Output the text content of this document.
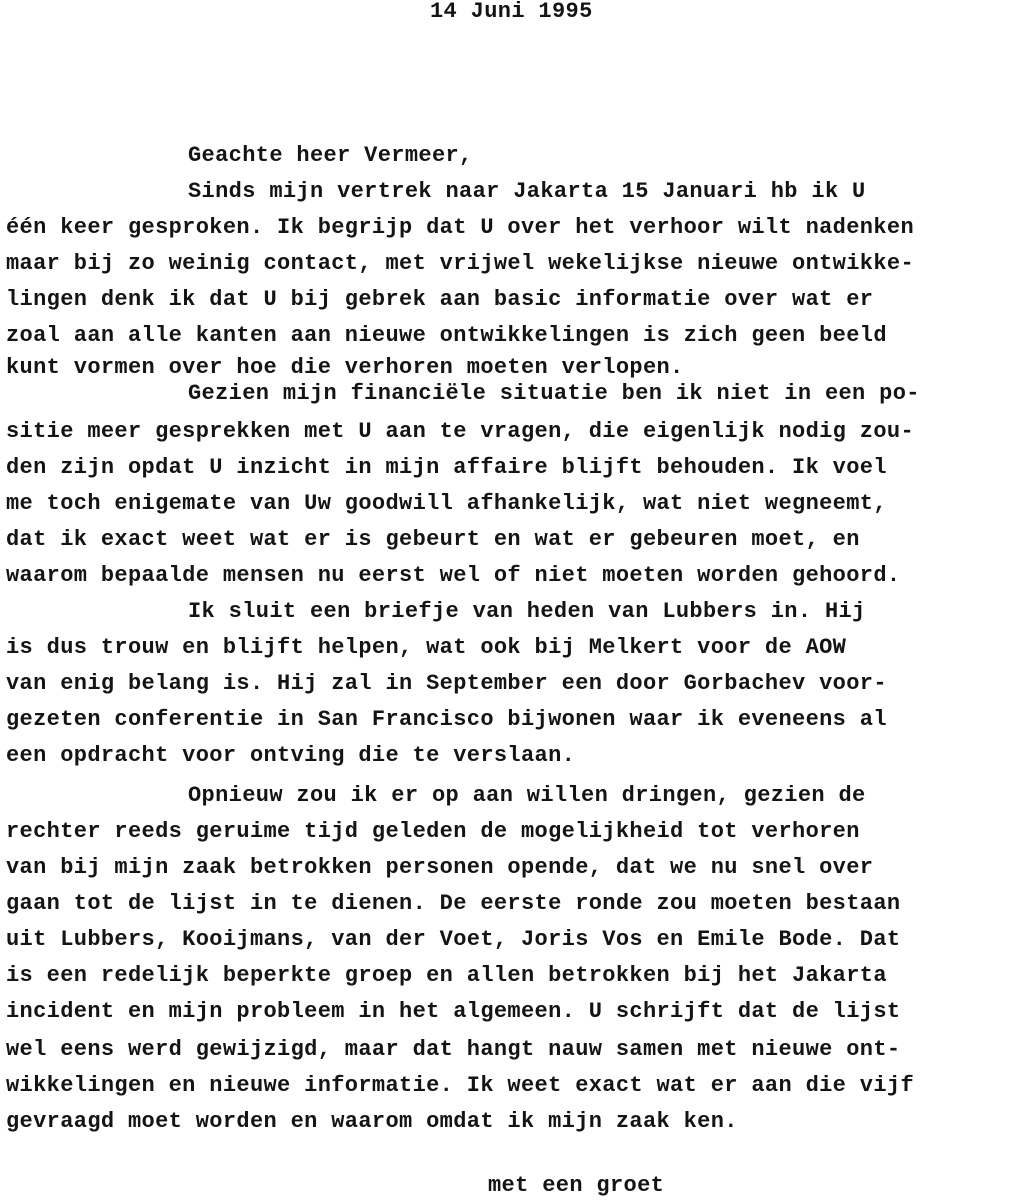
14 Juni 1995
Geachte heer Vermeer,
Sinds mijn vertrek naar Jakarta 15 Januari hb ik U
één keer gesproken. Ik begrijp dat U over het verhoor wilt nadenken
maar bij zo weinig contact, met vrijwel wekelijkse nieuwe ontwikke-
lingen denk ik dat U bij gebrek aan basic informatie over wat er
zoal aan alle kanten aan nieuwe ontwikkelingen is zich geen beeld
kunt vormen over hoe die verhoren moeten verlopen.
Gezien mijn financiële situatie ben ik niet in een po-
sitie meer gesprekken met U aan te vragen, die eigenlijk nodig zou-
den zijn opdat U inzicht in mijn affaire blijft behouden. Ik voel
me toch enigemate van Uw goodwill afhankelijk, wat niet wegneemt,
dat ik exact weet wat er is gebeurt en wat er gebeuren moet, en
waarom bepaalde mensen nu eerst wel of niet moeten worden gehoord.
Ik sluit een briefje van heden van Lubbers in. Hij
is dus trouw en blijft helpen, wat ook bij Melkert voor de AOW
van enig belang is. Hij zal in September een door Gorbachev voor-
gezeten conferentie in San Francisco bijwonen waar ik eveneens al
een opdracht voor ontving die te verslaan.
Opnieuw zou ik er op aan willen dringen, gezien de
rechter reeds geruime tijd geleden de mogelijkheid tot verhoren
van bij mijn zaak betrokken personen opende, dat we nu snel over
gaan tot de lijst in te dienen. De eerste ronde zou moeten bestaan
uit Lubbers, Kooijmans, van der Voet, Joris Vos en Emile Bode. Dat
is een redelijk beperkte groep en allen betrokken bij het Jakarta
incident en mijn probleem in het algemeen. U schrijft dat de lijst
wel eens werd gewijzigd, maar dat hangt nauw samen met nieuwe ont-
wikkelingen en nieuwe informatie. Ik weet exact wat er aan die vijf
gevraagd moet worden en waarom omdat ik mijn zaak ken.
met een groet
